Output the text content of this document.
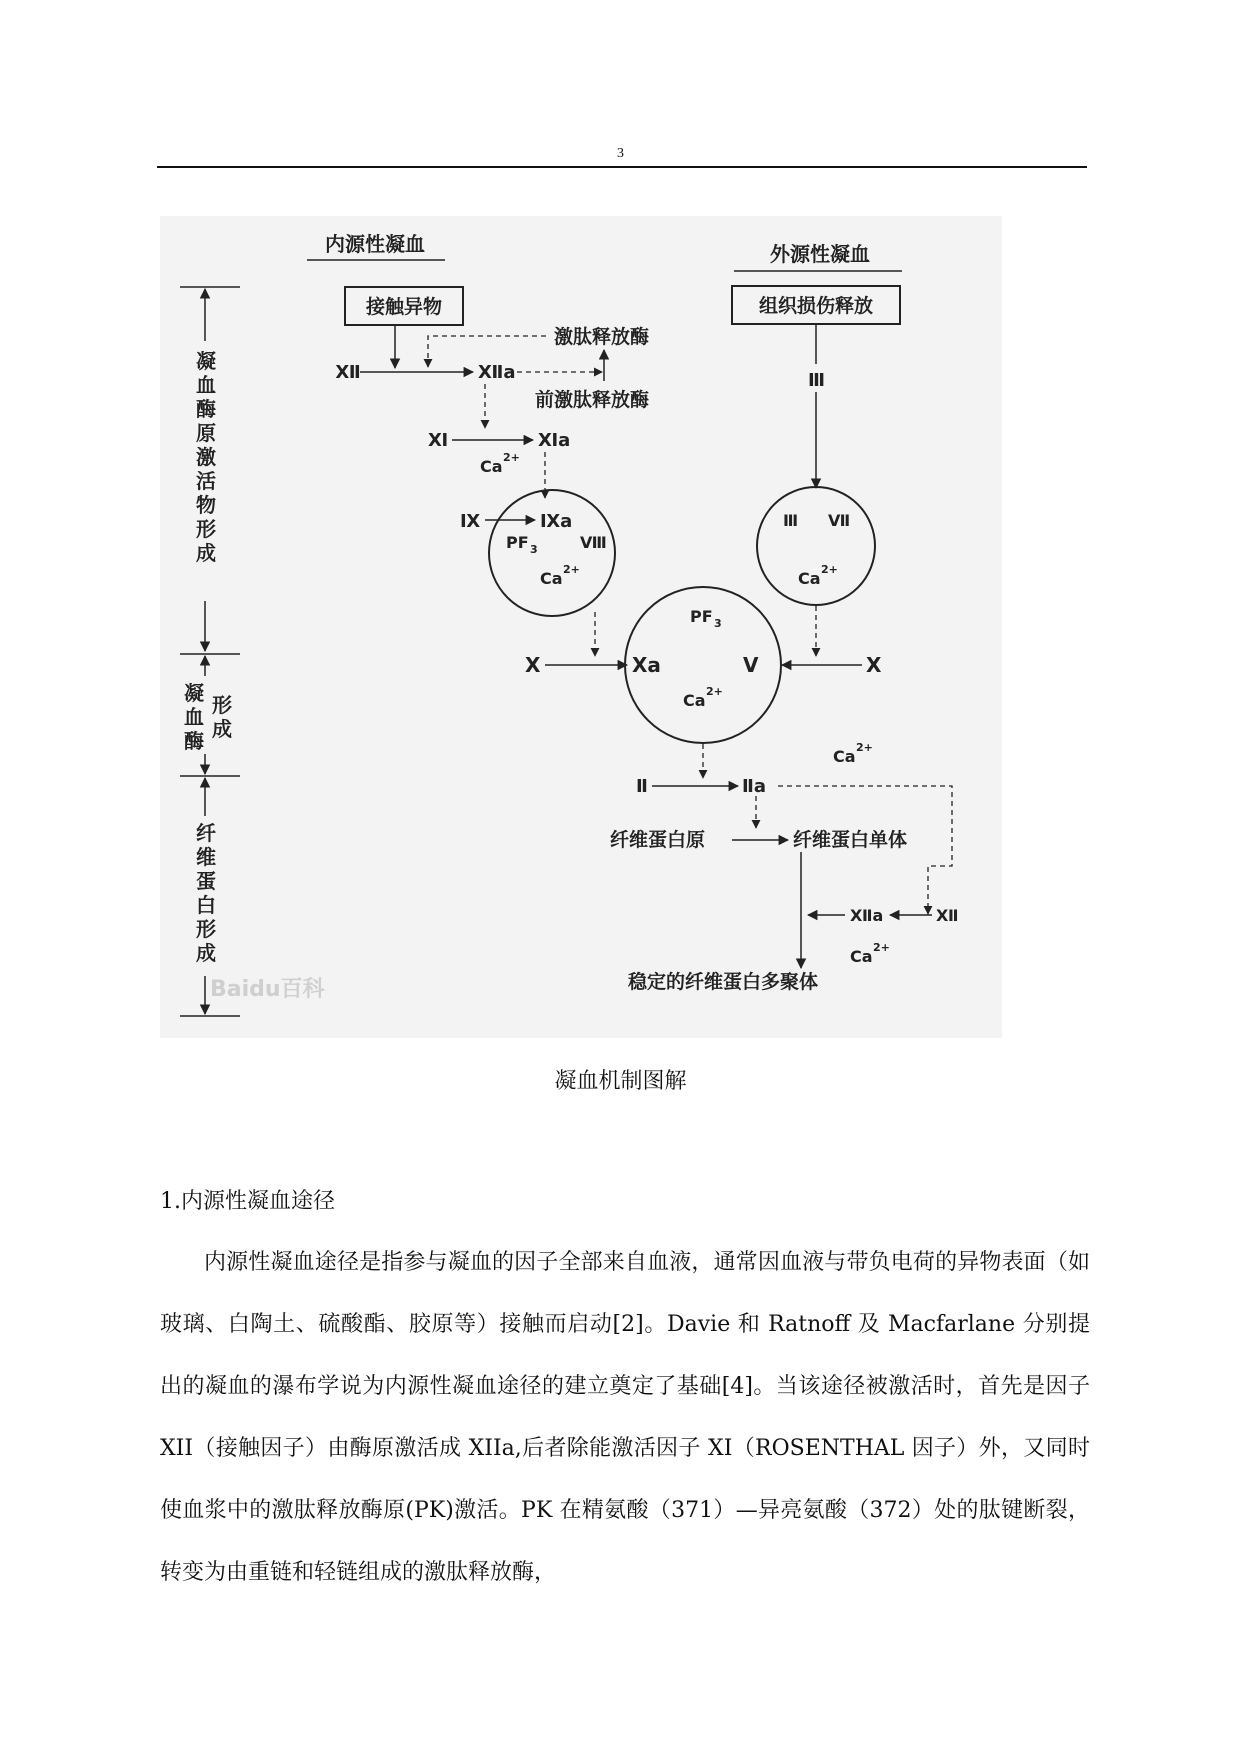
3
凝
血
酶
原
激
活
物
形
成
凝
血
酶
形
成
纤
维
蛋
白
形
成
Baidu百科
内源性凝血	外源性凝血
接触异物	组织损伤释放
Ⅻ	Ⅻa
激肽释放酶
前激肽释放酶
Ⅺ	Ⅺa
Ca 2+
Ⅸ	Ⅸa
PF 3	Ⅷ
Ca 2+
Ⅲ
Ⅲ Ⅶ
Ca 2+
PF 3
X	Xa	V	X
Ca 2+
Ⅱ	Ⅱa
Ca 2+
纤维蛋白原	纤维蛋白单体
Ⅻ
Ⅻa
Ca 2+
稳定的纤维蛋白多聚体
凝血机制图解
1.内源性凝血途径

内源性凝血途径是指参与凝血的因子全部来自血液，通常因血液与带负电荷的异物表面（如玻璃、白陶土、硫酸酯、胶原等）接触而启动[2]。Davie 和 Ratnoff 及 Macfarlane 分别提出的凝血的瀑布学说为内源性凝血途径的建立奠定了基础[4]。当该途径被激活时，首先是因子 XII（接触因子）由酶原激活成 XIIa,后者除能激活因子 XI（ROSENTHAL 因子）外，又同时使血浆中的激肽释放酶原(PK)激活。PK 在精氨酸（371）—异亮氨酸（372）处的肽键断裂，转变为由重链和轻链组成的激肽释放酶，
